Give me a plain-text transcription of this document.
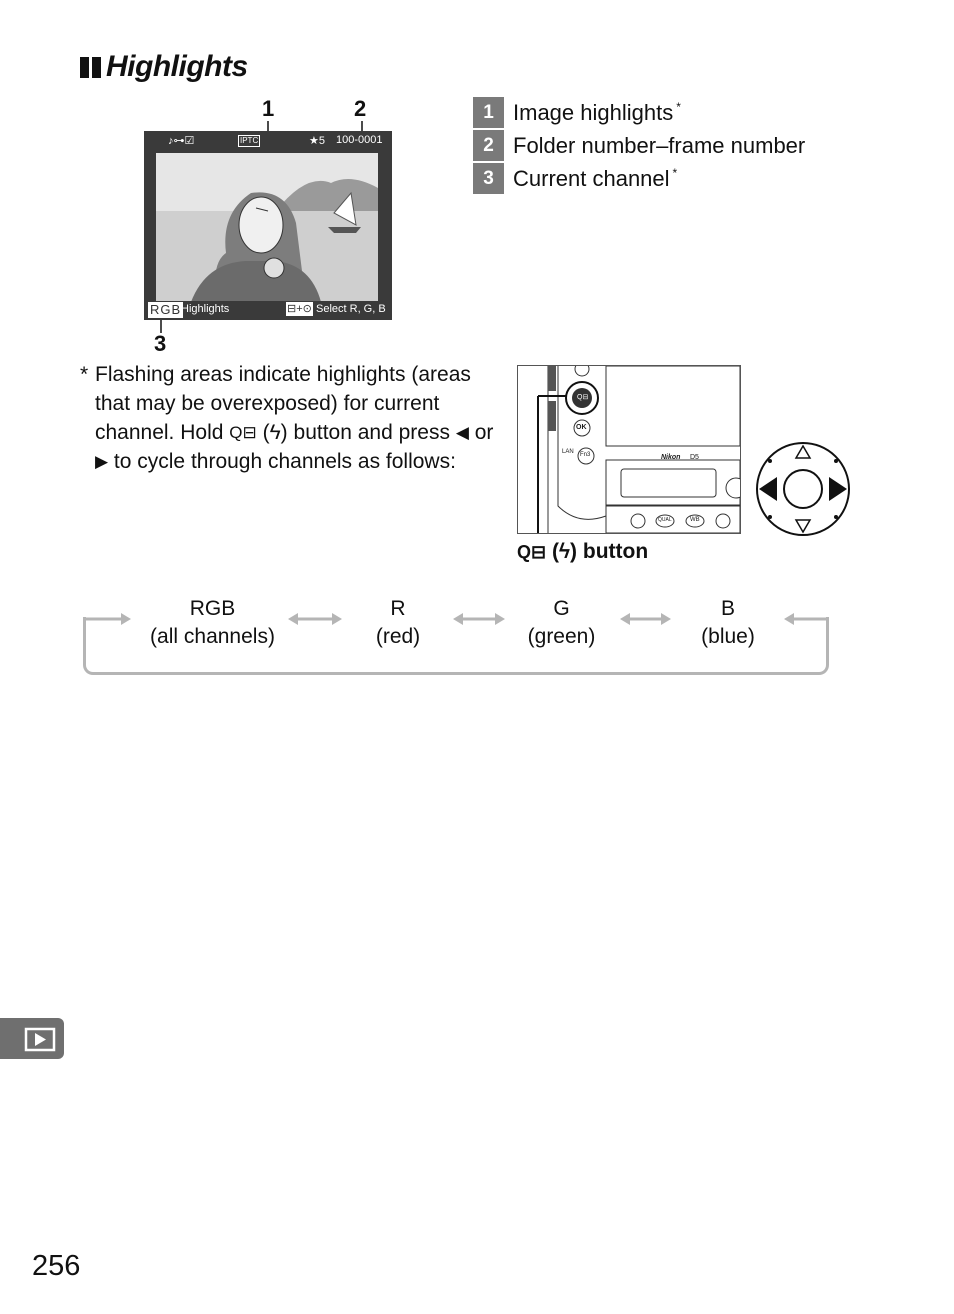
Highlights
1	2
3
♪⊶☑	IPTC	★5 100-0001
RGB Highlights	⊟+⊙ Select R, G, B
1 Image highlights *
2 Folder number–frame number
3 Current channel *
* Flashing areas indicate highlights (areas that may be overexposed) for current channel. Hold Q⊟ (ϟ) button and press ◀ or ▶ to cycle through channels as follows:
Q⊟
OK
Fn3
LAN
Nikon D5
QUAL	WB
Q⊟ (ϟ) button
RGB
(all channels)
R
(red)
G
(green)
B
(blue)
256
